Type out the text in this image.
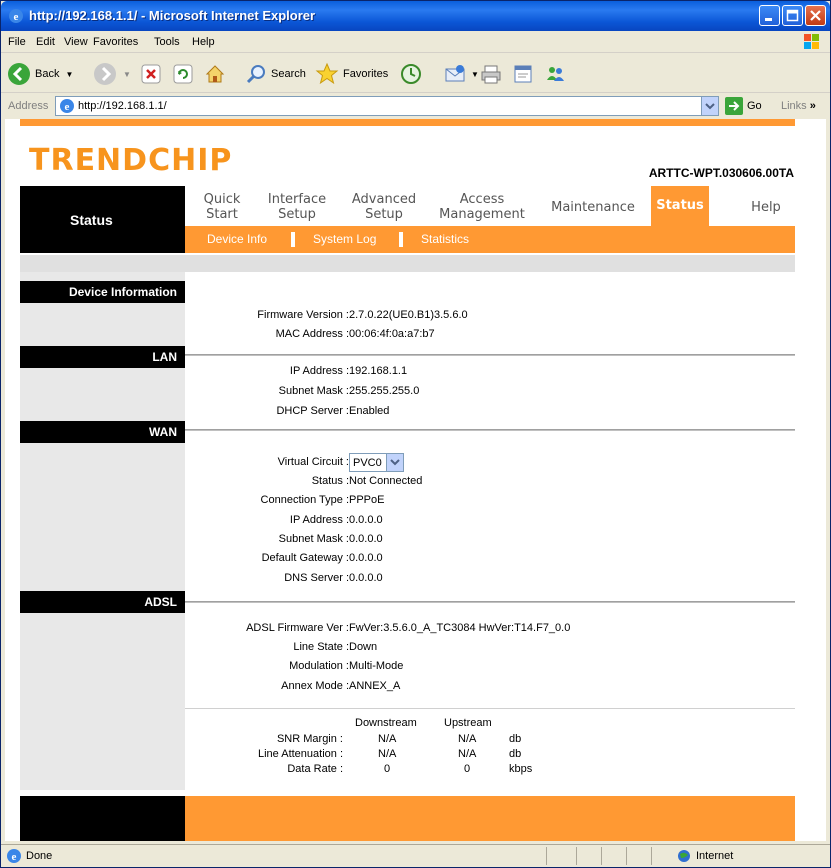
e http://192.168.1.1/ - Microsoft Internet Explorer
File Edit View Favorites Tools Help
Back ▼	▼	Search	Favorites	▼
Address e http://192.168.1.1/	Go Links »
TRENDCHIP	ARTTC-WPT.030606.00TA
Status
Quick
Start
Interface
Setup
Advanced
Setup
Access
Management	Maintenance	Status	Help
Device Info	System Log	Statistics
Device Information
Firmware Version : 2.7.0.22(UE0.B1)3.5.6.0
MAC Address : 00:06:4f:0a:a7:b7
LAN
IP Address : 192.168.1.1
Subnet Mask : 255.255.255.0
DHCP Server : Enabled
WAN
Virtual Circuit : PVC0
Status : Not Connected
Connection Type : PPPoE
IP Address : 0.0.0.0
Subnet Mask : 0.0.0.0
Default Gateway : 0.0.0.0
DNS Server : 0.0.0.0
ADSL
ADSL Firmware Ver : FwVer:3.5.6.0_A_TC3084 HwVer:T14.F7_0.0
Line State : Down
Modulation : Multi-Mode
Annex Mode : ANNEX_A
Downstream Upstream
SNR Margin :	N/A	N/A	db
Line Attenuation :	N/A	N/A	db
Data Rate :	0	0	kbps
e Done	Internet
